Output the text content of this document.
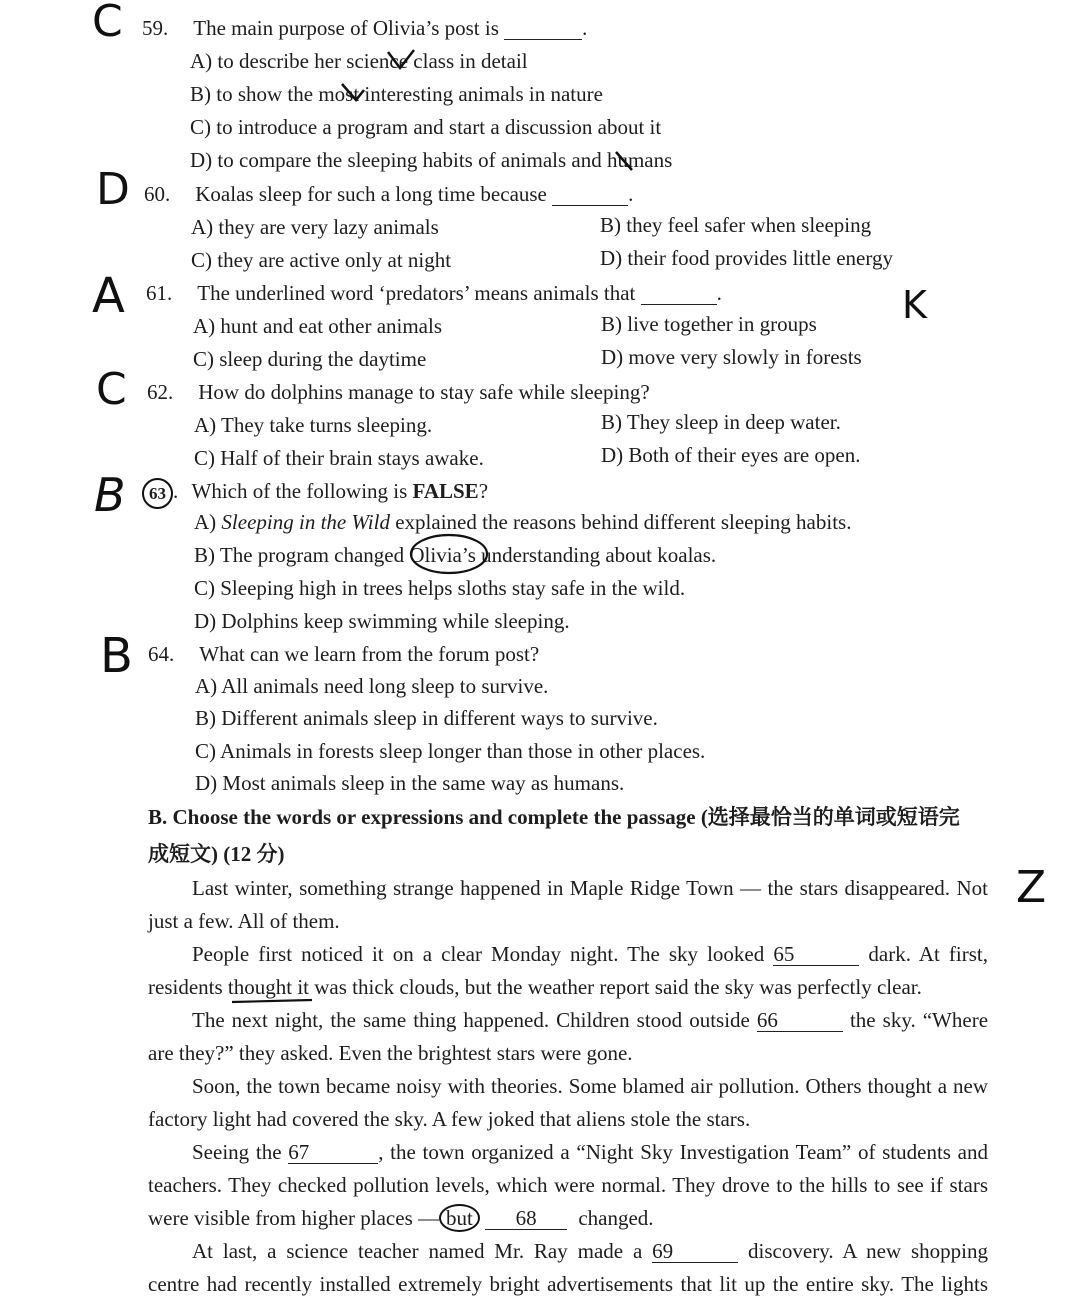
C
D
A
C
B
B
K
Z
59. The main purpose of Olivia’s post is	.
A) to describe her science class in detail
B) to show the most interesting animals in nature
C) to introduce a program and start a discussion about it
D) to compare the sleeping habits of animals and humans
60. Koalas sleep for such a long time because	.
A) they are very lazy animals	B) they feel safer when sleeping
C) they are active only at night	D) their food provides little energy
61. The underlined word ‘predators’ means animals that	.
A) hunt and eat other animals	B) live together in groups
C) sleep during the daytime	D) move very slowly in forests
62. How do dolphins manage to stay safe while sleeping?
A) They take turns sleeping.	B) They sleep in deep water.
C) Half of their brain stays awake.	D) Both of their eyes are open.
63 . Which of the following is FALSE?
A) Sleeping in the Wild explained the reasons behind different sleeping habits.
B) The program changed Olivia’s understanding about koalas.
C) Sleeping high in trees helps sloths stay safe in the wild.
D) Dolphins keep swimming while sleeping.
64. What can we learn from the forum post?
A) All animals need long sleep to survive.
B) Different animals sleep in different ways to survive.
C) Animals in forests sleep longer than those in other places.
D) Most animals sleep in the same way as humans.
B. Choose the words or expressions and complete the passage (选择最恰当的单词或短语完
成短文) (12 分)
Last winter, something strange happened in Maple Ridge Town — the stars disappeared. Not
just a few. All of them.
People first noticed it on a clear Monday night. The sky looked 65	dark. At first,
residents thought it was thick clouds, but the weather report said the sky was perfectly clear.
The next night, the same thing happened. Children stood outside 66	the sky. “Where
are they?” they asked. Even the brightest stars were gone.
Soon, the town became noisy with theories. Some blamed air pollution. Others thought a new
factory light had covered the sky. A few joked that aliens stole the stars.
Seeing the 67	, the town organized a “Night Sky Investigation Team” of students and
teachers. They checked pollution levels, which were normal. They drove to the hills to see if stars
were visible from higher places — but 68 changed.
At last, a science teacher named Mr. Ray made a 69	discovery. A new shopping
centre had recently installed extremely bright advertisements that lit up the entire sky. The lights
